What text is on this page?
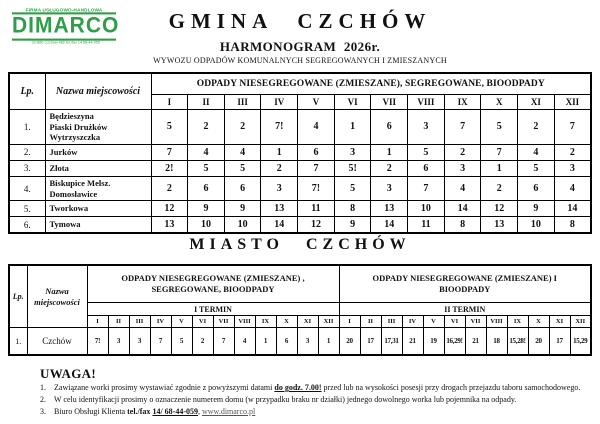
FIRMA USŁUGOWO-HANDLOWA
DIMARCO
32-860 Czchów 482 tel./fax 14 68-44-059
GMINA CZCHÓW
HARMONOGRAM 2026r.
WYWOZU ODPADÓW KOMUNALNYCH SEGREGOWANYCH I ZMIESZANYCH
Lp.	Nazwa miejscowości	ODPADY NIESEGREGOWANE (ZMIESZANE), SEGREGOWANE, BIOODPADY											
		I	II	III	IV	V	VI	VII	VIII	IX	X	XI	XII
1.	Będzieszyna
Piaski Drużków
Wytrzyszczka	5	2	2	7!	4	1	6	3	7	5	2	7
2.	Jurków	7	4	4	1	6	3	1	5	2	7	4	2
3.	Złota	2!	5	5	2	7	5!	2	6	3	1	5	3
4.	Biskupice Melsz.
Domosławice	2	6	6	3	7!	5	3	7	4	2	6	4
5.	Tworkowa	12	9	9	13	11	8	13	10	14	12	9	14
6.	Tymowa	13	10	10	14	12	9	14	11	8	13	10	8
MIASTO CZCHÓW
Lp.	Nazwa
miejscowości	ODPADY NIESEGREGOWANE (ZMIESZANE) ,
SEGREGOWANE, BIOODPADY												ODPADY NIESEGREGOWANE (ZMIESZANE) I
BIOODPADY											

		I TERMIN												II TERMIN											
		I	II	III	IV	V	VI	VII	VIII	IX	X	XI	XII	I	II	III	IV	V	VI	VII	VIII	IX	X	XI	XII
1.	Czchów	7!	3	3	7	5	2	7	4	1	6	3	1	20	17	17,31	21	19	16,29!	21	18	15,28!	20	17	15,29
UWAGA!
1.	Zawiązane worki prosimy wystawiać zgodnie z powyższymi datami do godz. 7.00! przed lub na wysokości posesji przy drogach przejazdu taboru samochodowego.
2.	W celu identyfikacji prosimy o oznaczenie numerem domu (w przypadku braku nr działki) jednego dowolnego worka lub pojemnika na odpady.
3.	Biuro Obsługi Klienta tel./fax 14/ 68-44-059, www.dimarco.pl
